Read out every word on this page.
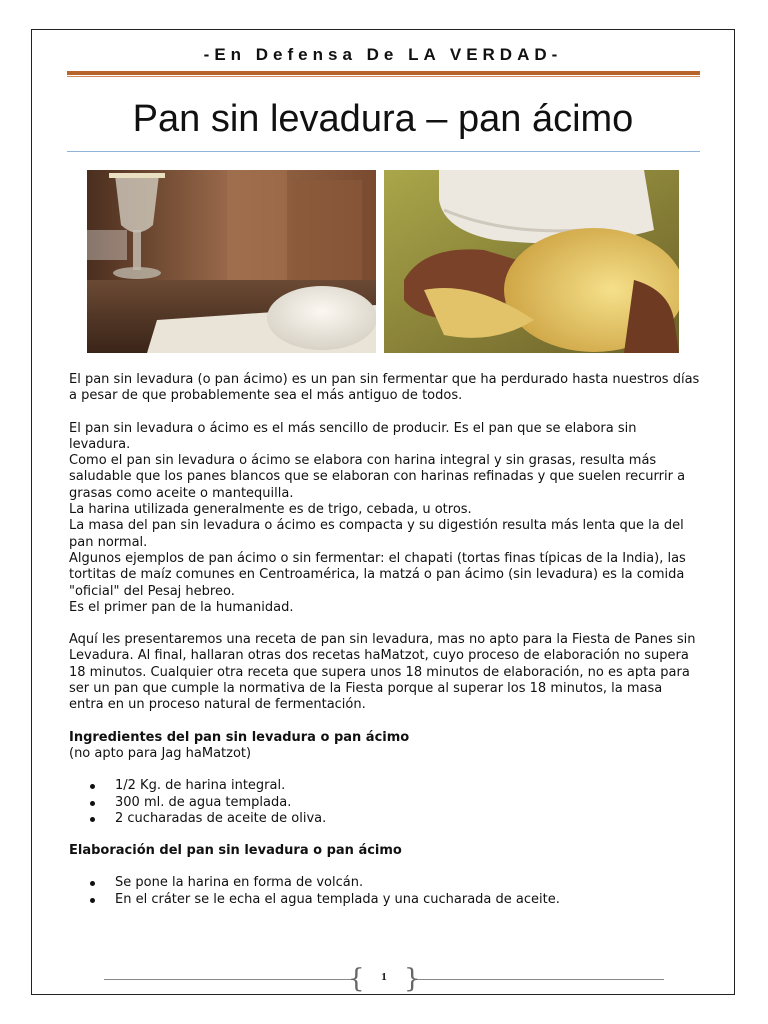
-En Defensa De LA VERDAD-
Pan sin levadura – pan ácimo

El pan sin levadura (o pan ácimo) es un pan sin fermentar que ha perdurado hasta nuestros días a pesar de que probablemente sea el más antiguo de todos.

El pan sin levadura o ácimo es el más sencillo de producir. Es el pan que se elabora sin levadura.

Como el pan sin levadura o ácimo se elabora con harina integral y sin grasas, resulta más saludable que los panes blancos que se elaboran con harinas refinadas y que suelen recurrir a grasas como aceite o mantequilla.

La harina utilizada generalmente es de trigo, cebada, u otros.

La masa del pan sin levadura o ácimo es compacta y su digestión resulta más lenta que la del pan normal.

Algunos ejemplos de pan ácimo o sin fermentar: el chapati (tortas finas típicas de la India), las tortitas de maíz comunes en Centroamérica, la matzá o pan ácimo (sin levadura) es la comida "oficial" del Pesaj hebreo.

Es el primer pan de la humanidad.

Aquí les presentaremos una receta de pan sin levadura, mas no apto para la Fiesta de Panes sin Levadura. Al final, hallaran otras dos recetas haMatzot, cuyo proceso de elaboración no supera 18 minutos. Cualquier otra receta que supera unos 18 minutos de elaboración, no es apta para ser un pan que cumple la normativa de la Fiesta porque al superar los 18 minutos, la masa entra en un proceso natural de fermentación.

Ingredientes del pan sin levadura o pan ácimo

(no apto para Jag haMatzot)

1/2 Kg. de harina integral.
300 ml. de agua templada.
2 cucharadas de aceite de oliva.

Elaboración del pan sin levadura o pan ácimo

Se pone la harina en forma de volcán.
En el cráter se le echa el agua templada y una cucharada de aceite.
{ }
1
